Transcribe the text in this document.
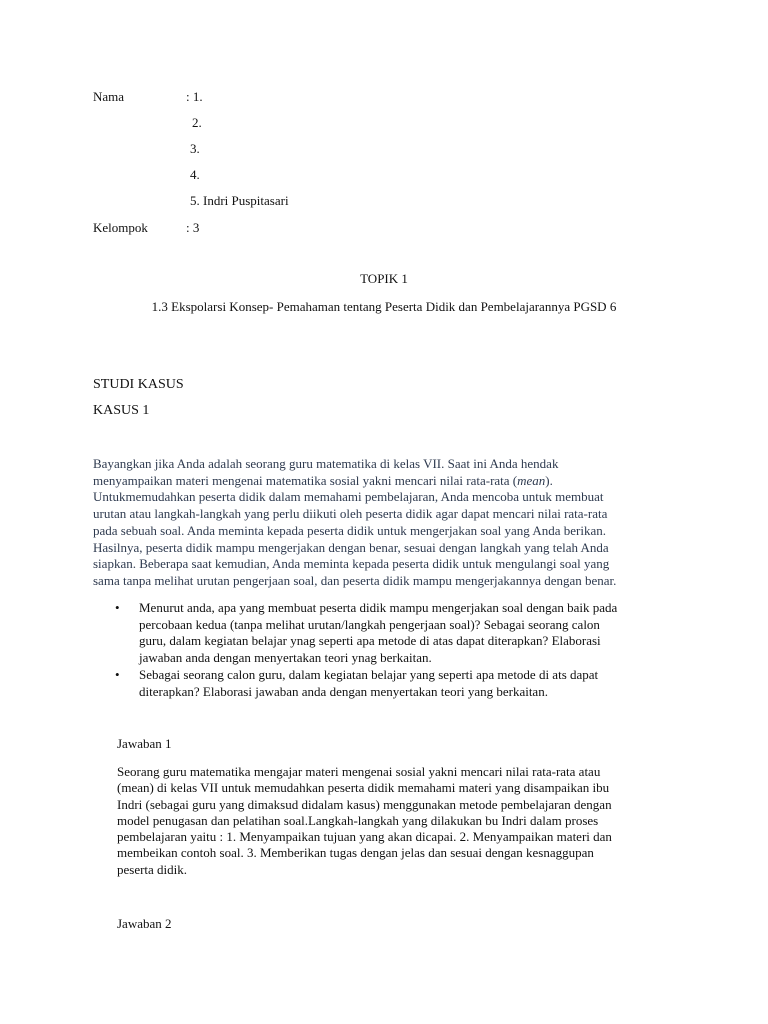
Nama	: 1.
2.
3.
4.
5. Indri Puspitasari
Kelompok	: 3
TOPIK 1
1.3 Ekspolarsi Konsep- Pemahaman tentang Peserta Didik dan Pembelajarannya PGSD 6
STUDI KASUS
KASUS 1
Bayangkan jika Anda adalah seorang guru matematika di kelas VII. Saat ini Anda hendak
menyampaikan materi mengenai matematika sosial yakni mencari nilai rata-rata (mean).
Untukmemudahkan peserta didik dalam memahami pembelajaran, Anda mencoba untuk membuat
urutan atau langkah-langkah yang perlu diikuti oleh peserta didik agar dapat mencari nilai rata-rata
pada sebuah soal. Anda meminta kepada peserta didik untuk mengerjakan soal yang Anda berikan.
Hasilnya, peserta didik mampu mengerjakan dengan benar, sesuai dengan langkah yang telah Anda
siapkan. Beberapa saat kemudian, Anda meminta kepada peserta didik untuk mengulangi soal yang
sama tanpa melihat urutan pengerjaan soal, dan peserta didik mampu mengerjakannya dengan benar.
• Menurut anda, apa yang membuat peserta didik mampu mengerjakan soal dengan baik pada
percobaan kedua (tanpa melihat urutan/langkah pengerjaan soal)? Sebagai seorang calon
guru, dalam kegiatan belajar ynag seperti apa metode di atas dapat diterapkan? Elaborasi
jawaban anda dengan menyertakan teori ynag berkaitan.
• Sebagai seorang calon guru, dalam kegiatan belajar yang seperti apa metode di ats dapat
diterapkan? Elaborasi jawaban anda dengan menyertakan teori yang berkaitan.
Jawaban 1
Seorang guru matematika mengajar materi mengenai sosial yakni mencari nilai rata-rata atau
(mean) di kelas VII untuk memudahkan peserta didik memahami materi yang disampaikan ibu
Indri (sebagai guru yang dimaksud didalam kasus) menggunakan metode pembelajaran dengan
model penugasan dan pelatihan soal.Langkah-langkah yang dilakukan bu Indri dalam proses
pembelajaran yaitu : 1. Menyampaikan tujuan yang akan dicapai. 2. Menyampaikan materi dan
membeikan contoh soal. 3. Memberikan tugas dengan jelas dan sesuai dengan kesnaggupan
peserta didik.
Jawaban 2
